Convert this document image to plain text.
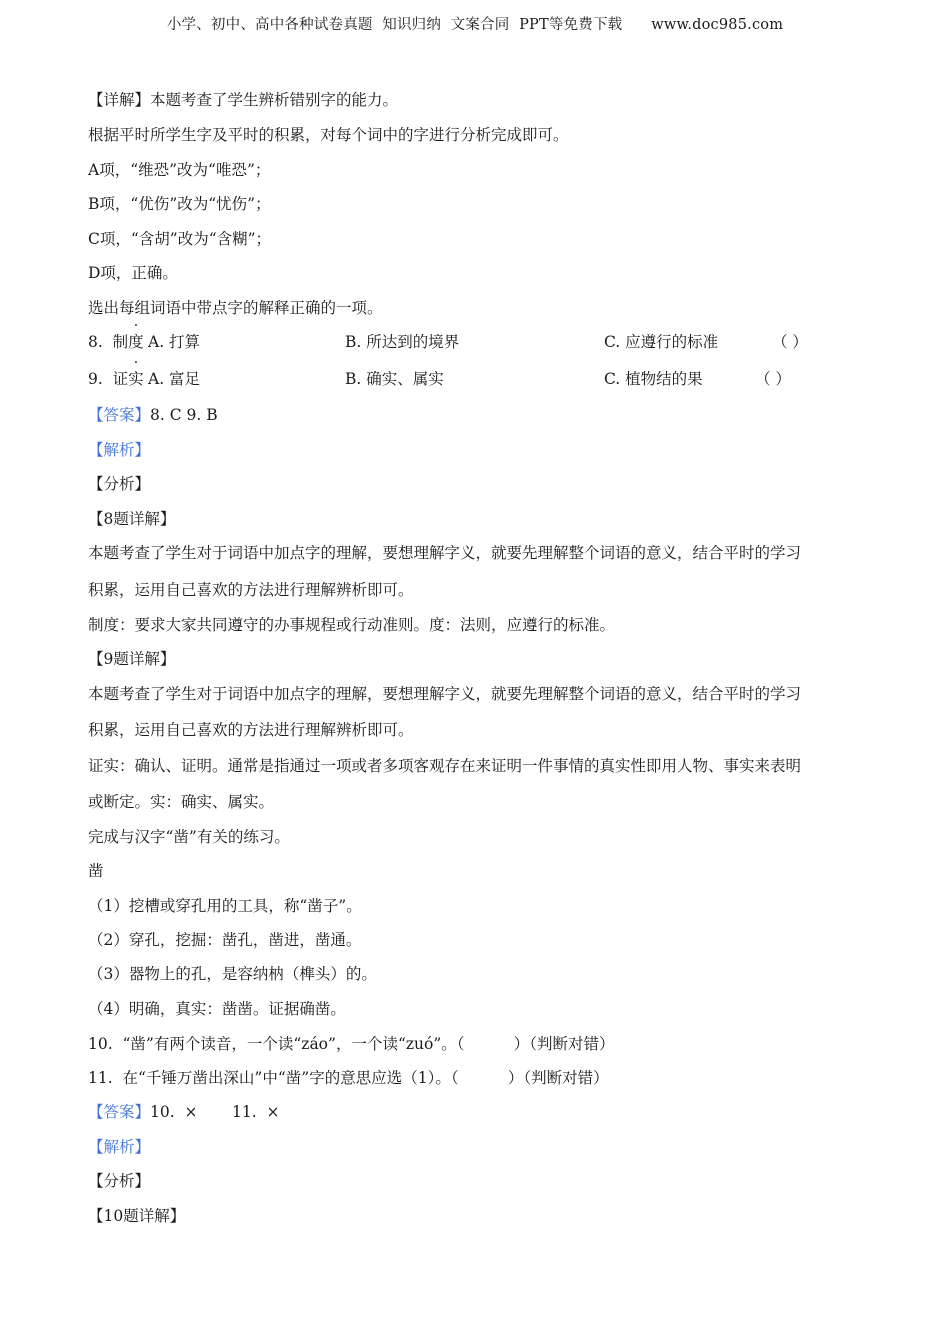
小学、初中、高中各种试卷真题  知识归纳  文案合同  PPT等免费下载      www.doc985.com
【详解】本题考查了学生辨析错别字的能力。
根据平时所学生字及平时的积累，对每个词中的字进行分析完成即可。
A项，“维恐”改为“唯恐”；
B项，“优伤”改为“忧伤”；
C项，“含胡”改为“含糊”；
D项，正确。
选出每组词语中带点字的解释正确的一项。
8. 制度 A. 打算	B. 所达到的境界	C. 应遵行的标准	（ ）
9. 证实 A. 富足	B. 确实、属实	C. 植物结的果	（ ）
【答案】8. C 9. B
【解析】
【分析】
【8题详解】
本题考查了学生对于词语中加点字的理解，要想理解字义，就要先理解整个词语的意义，结合平时的学习
积累，运用自己喜欢的方法进行理解辨析即可。
制度：要求大家共同遵守的办事规程或行动准则。度：法则，应遵行的标准。
【9题详解】
本题考查了学生对于词语中加点字的理解，要想理解字义，就要先理解整个词语的意义，结合平时的学习
积累，运用自己喜欢的方法进行理解辨析即可。
证实：确认、证明。通常是指通过一项或者多项客观存在来证明一件事情的真实性即用人物、事实来表明
或断定。实：确实、属实。
完成与汉字“凿”有关的练习。
凿
（1）挖槽或穿孔用的工具，称“凿子”。
（2）穿孔，挖掘：凿孔，凿进，凿通。
（3）器物上的孔，是容纳枘（榫头）的。
（4）明确，真实：凿凿。证据确凿。
10.  “凿”有两个读音，一个读“záo”，一个读“zuó”。（          ）（判断对错）
11.  在“千锤万凿出深山”中“凿”字的意思应选（1）。（          ）（判断对错）
【答案】10.  ×       11.  ×
【解析】
【分析】
【10题详解】
